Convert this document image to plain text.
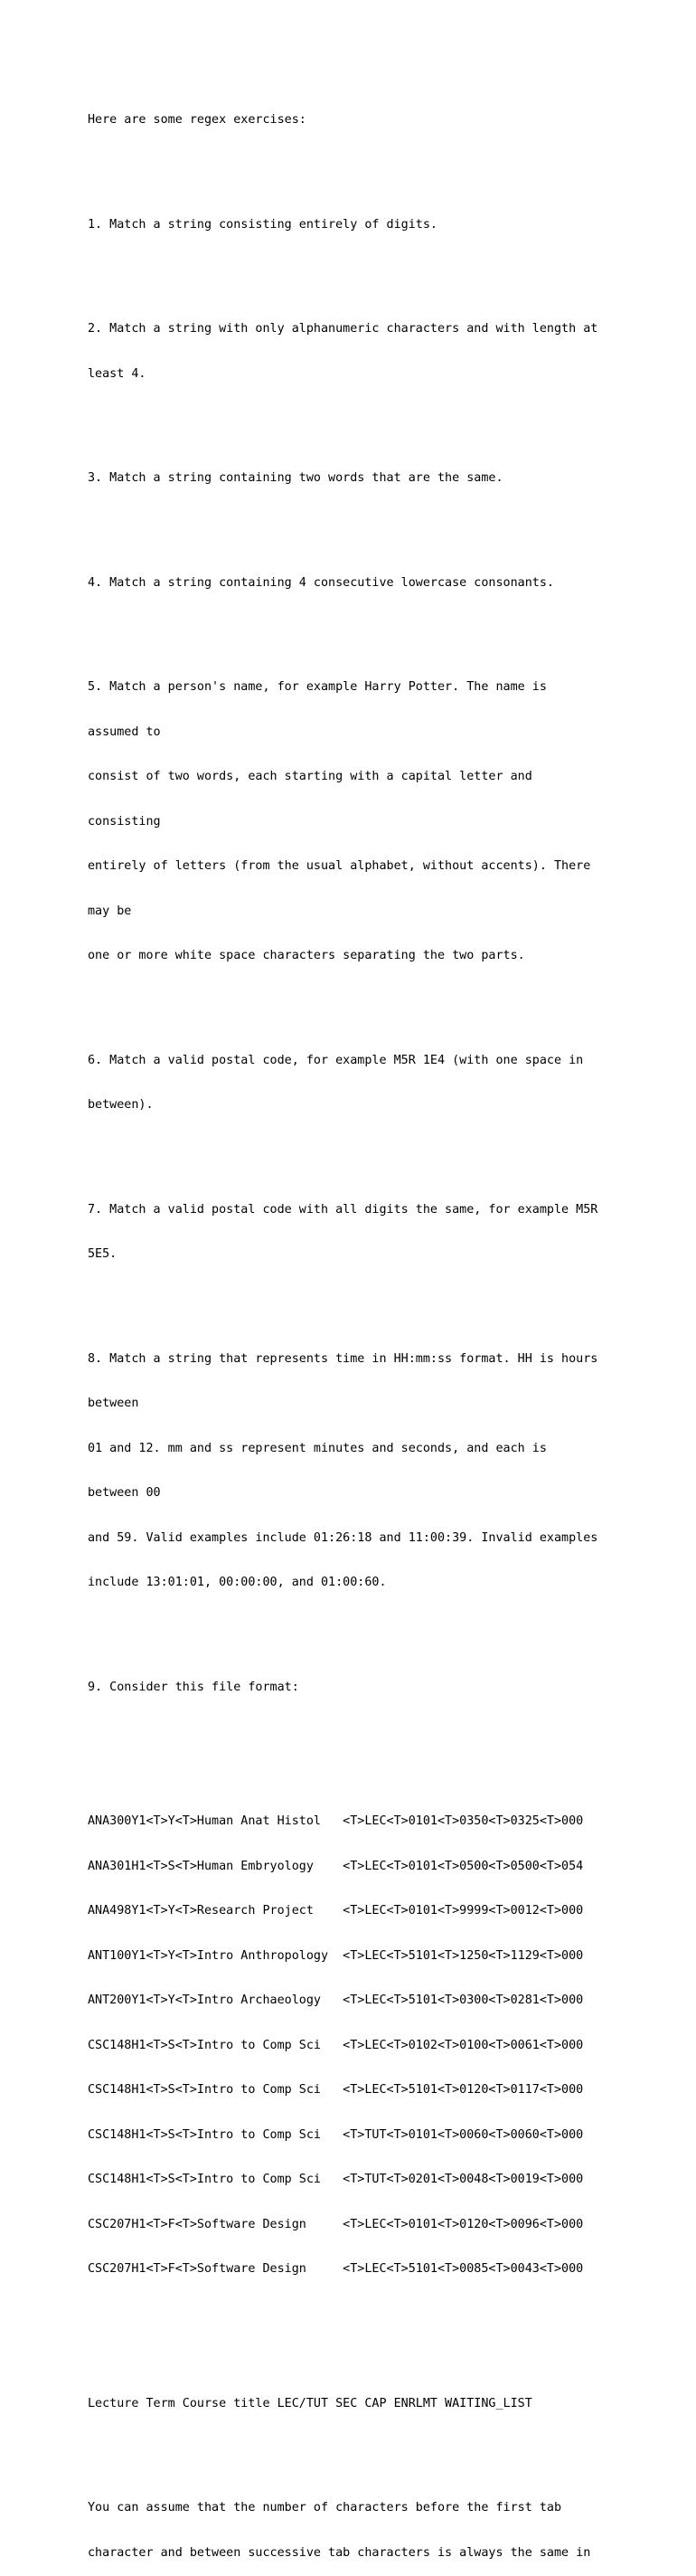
Here are some regex exercises:

1. Match a string consisting entirely of digits.

2. Match a string with only alphanumeric characters and with length at

least 4.

3. Match a string containing two words that are the same.

4. Match a string containing 4 consecutive lowercase consonants.

5. Match a person's name, for example Harry Potter. The name is

assumed to

consist of two words, each starting with a capital letter and

consisting

entirely of letters (from the usual alphabet, without accents). There

may be

one or more white space characters separating the two parts.

6. Match a valid postal code, for example M5R 1E4 (with one space in

between).

7. Match a valid postal code with all digits the same, for example M5R

5E5.

8. Match a string that represents time in HH:mm:ss format. HH is hours

between

01 and 12. mm and ss represent minutes and seconds, and each is

between 00

and 59. Valid examples include 01:26:18 and 11:00:39. Invalid examples

include 13:01:01, 00:00:00, and 01:00:60.

9. Consider this file format:

ANA300Y1<T>Y<T>Human Anat Histol   <T>LEC<T>0101<T>0350<T>0325<T>000

ANA301H1<T>S<T>Human Embryology    <T>LEC<T>0101<T>0500<T>0500<T>054

ANA498Y1<T>Y<T>Research Project    <T>LEC<T>0101<T>9999<T>0012<T>000

ANT100Y1<T>Y<T>Intro Anthropology  <T>LEC<T>5101<T>1250<T>1129<T>000

ANT200Y1<T>Y<T>Intro Archaeology   <T>LEC<T>5101<T>0300<T>0281<T>000

CSC148H1<T>S<T>Intro to Comp Sci   <T>LEC<T>0102<T>0100<T>0061<T>000

CSC148H1<T>S<T>Intro to Comp Sci   <T>LEC<T>5101<T>0120<T>0117<T>000

CSC148H1<T>S<T>Intro to Comp Sci   <T>TUT<T>0101<T>0060<T>0060<T>000

CSC148H1<T>S<T>Intro to Comp Sci   <T>TUT<T>0201<T>0048<T>0019<T>000

CSC207H1<T>F<T>Software Design     <T>LEC<T>0101<T>0120<T>0096<T>000

CSC207H1<T>F<T>Software Design     <T>LEC<T>5101<T>0085<T>0043<T>000

Lecture Term Course title LEC/TUT SEC CAP ENRLMT WAITING_LIST

You can assume that the number of characters before the first tab

character and between successive tab characters is always the same in
